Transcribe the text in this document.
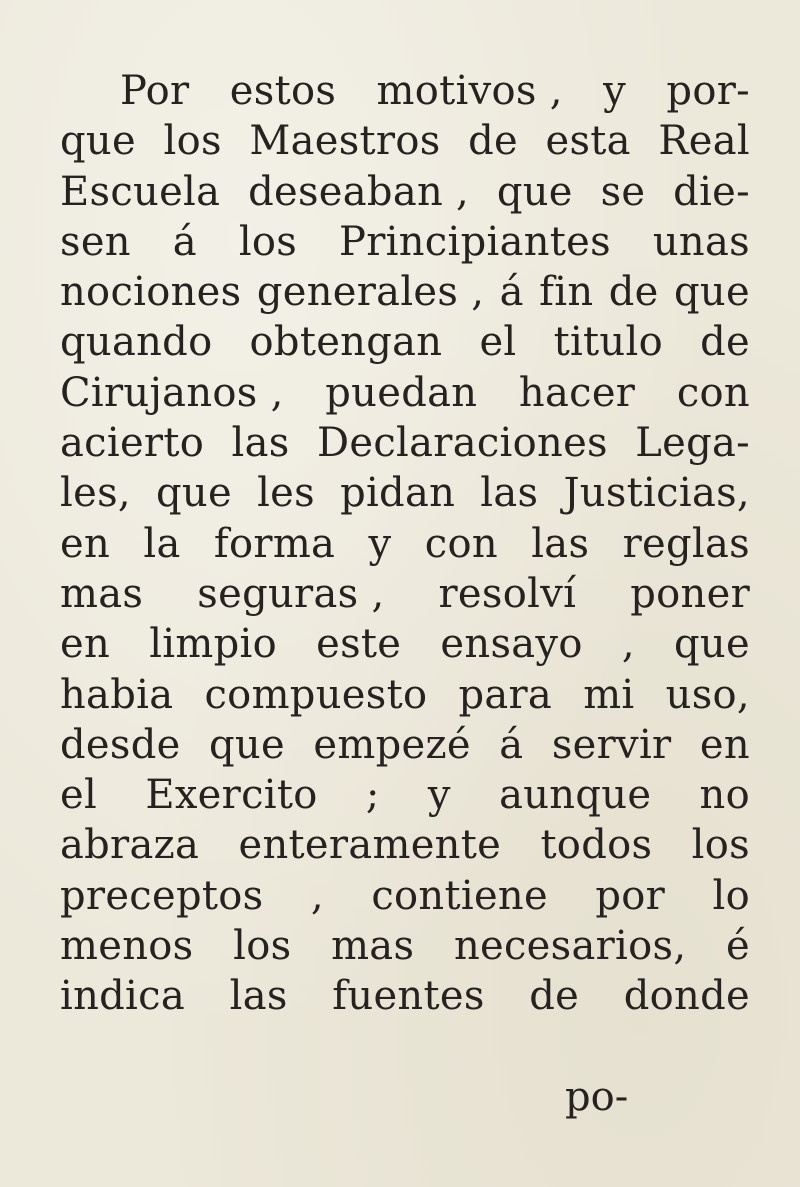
Por estos motivos , y por-
que los Maestros de esta Real
Escuela deseaban , que se die-
sen á los Principiantes unas
nociones generales , á fin de que
quando obtengan el titulo de
Cirujanos , puedan hacer con
acierto las Declaraciones Lega-
les, que les pidan las Justicias,
en la forma y con las reglas
mas seguras , resolví poner
en limpio este ensayo , que
habia compuesto para mi uso,
desde que empezé á servir en
el Exercito ; y aunque no
abraza enteramente todos los
preceptos , contiene por lo
menos los mas necesarios, é
indica las fuentes de donde
po-
